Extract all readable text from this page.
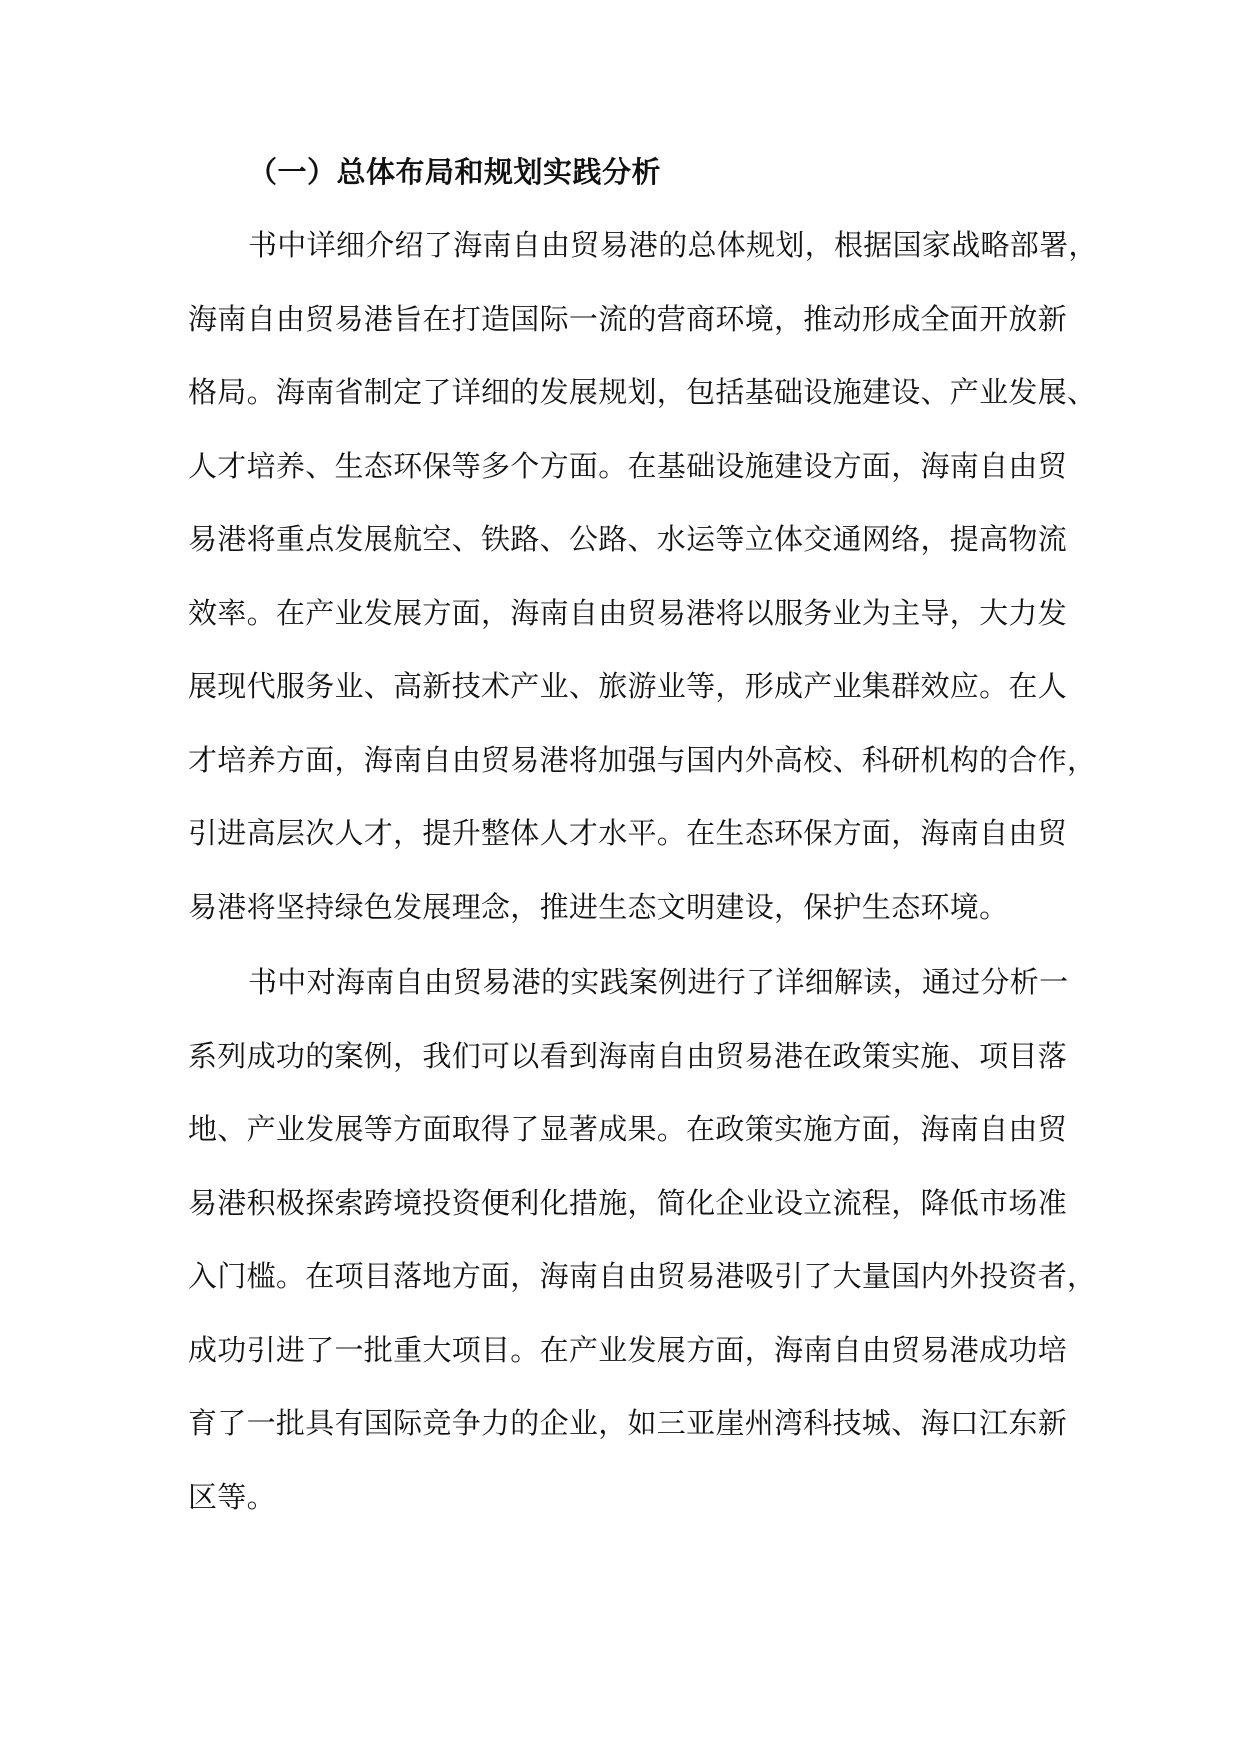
（一）总体布局和规划实践分析
书中详细介绍了海南自由贸易港的总体规划，根据国家战略部署，
海南自由贸易港旨在打造国际一流的营商环境，推动形成全面开放新
格局。海南省制定了详细的发展规划，包括基础设施建设、产业发展、
人才培养、生态环保等多个方面。在基础设施建设方面，海南自由贸
易港将重点发展航空、铁路、公路、水运等立体交通网络，提高物流
效率。在产业发展方面，海南自由贸易港将以服务业为主导，大力发
展现代服务业、高新技术产业、旅游业等，形成产业集群效应。在人
才培养方面，海南自由贸易港将加强与国内外高校、科研机构的合作，
引进高层次人才，提升整体人才水平。在生态环保方面，海南自由贸
易港将坚持绿色发展理念，推进生态文明建设，保护生态环境。
书中对海南自由贸易港的实践案例进行了详细解读，通过分析一
系列成功的案例，我们可以看到海南自由贸易港在政策实施、项目落
地、产业发展等方面取得了显著成果。在政策实施方面，海南自由贸
易港积极探索跨境投资便利化措施，简化企业设立流程，降低市场准
入门槛。在项目落地方面，海南自由贸易港吸引了大量国内外投资者，
成功引进了一批重大项目。在产业发展方面，海南自由贸易港成功培
育了一批具有国际竞争力的企业，如三亚崖州湾科技城、海口江东新
区等。
